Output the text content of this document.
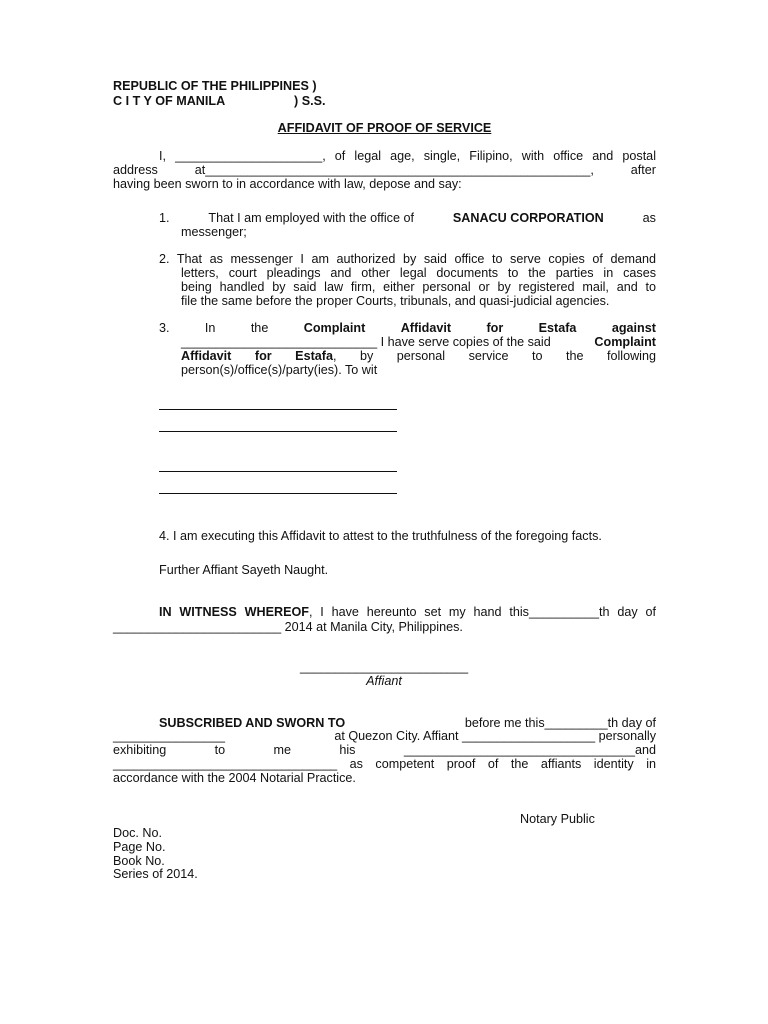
REPUBLIC OF THE PHILIPPINES )
C I T Y OF MANILA	) S.S.
AFFIDAVIT OF PROOF OF SERVICE
I, _____________________, of legal age, single, Filipino, with office and postal
address	at_______________________________________________________,	after
having been sworn to in accordance with law, depose and say:
1.	That I am employed with the office of	SANACU CORPORATION	as
messenger;
2. That as messenger I am authorized by said office to serve copies of demand
letters, court pleadings and other legal documents to the parties in cases
being handled by said law firm, either personal or by registered mail, and to
file the same before the proper Courts, tribunals, and quasi-judicial agencies.
3.	In	the	Complaint	Affidavit	for	Estafa	against
____________________________ I have serve copies of the said	Complaint
Affidavit for Estafa, by personal service to the following
person(s)/office(s)/party(ies). To wit
4. I am executing this Affidavit to attest to the truthfulness of the foregoing facts.
Further Affiant Sayeth Naught.
IN WITNESS WHEREOF, I have hereunto set my hand this__________th day of
________________________ 2014 at Manila City, Philippines.
________________________
Affiant
SUBSCRIBED AND SWORN TO	before me this_________th day of
________________	at Quezon City. Affiant ___________________ personally
exhibiting	to	me	his	_________________________________and
________________________________ as competent proof of the affiants identity in
accordance with the 2004 Notarial Practice.
Notary Public
Doc. No.
Page No.
Book No.
Series of 2014.
